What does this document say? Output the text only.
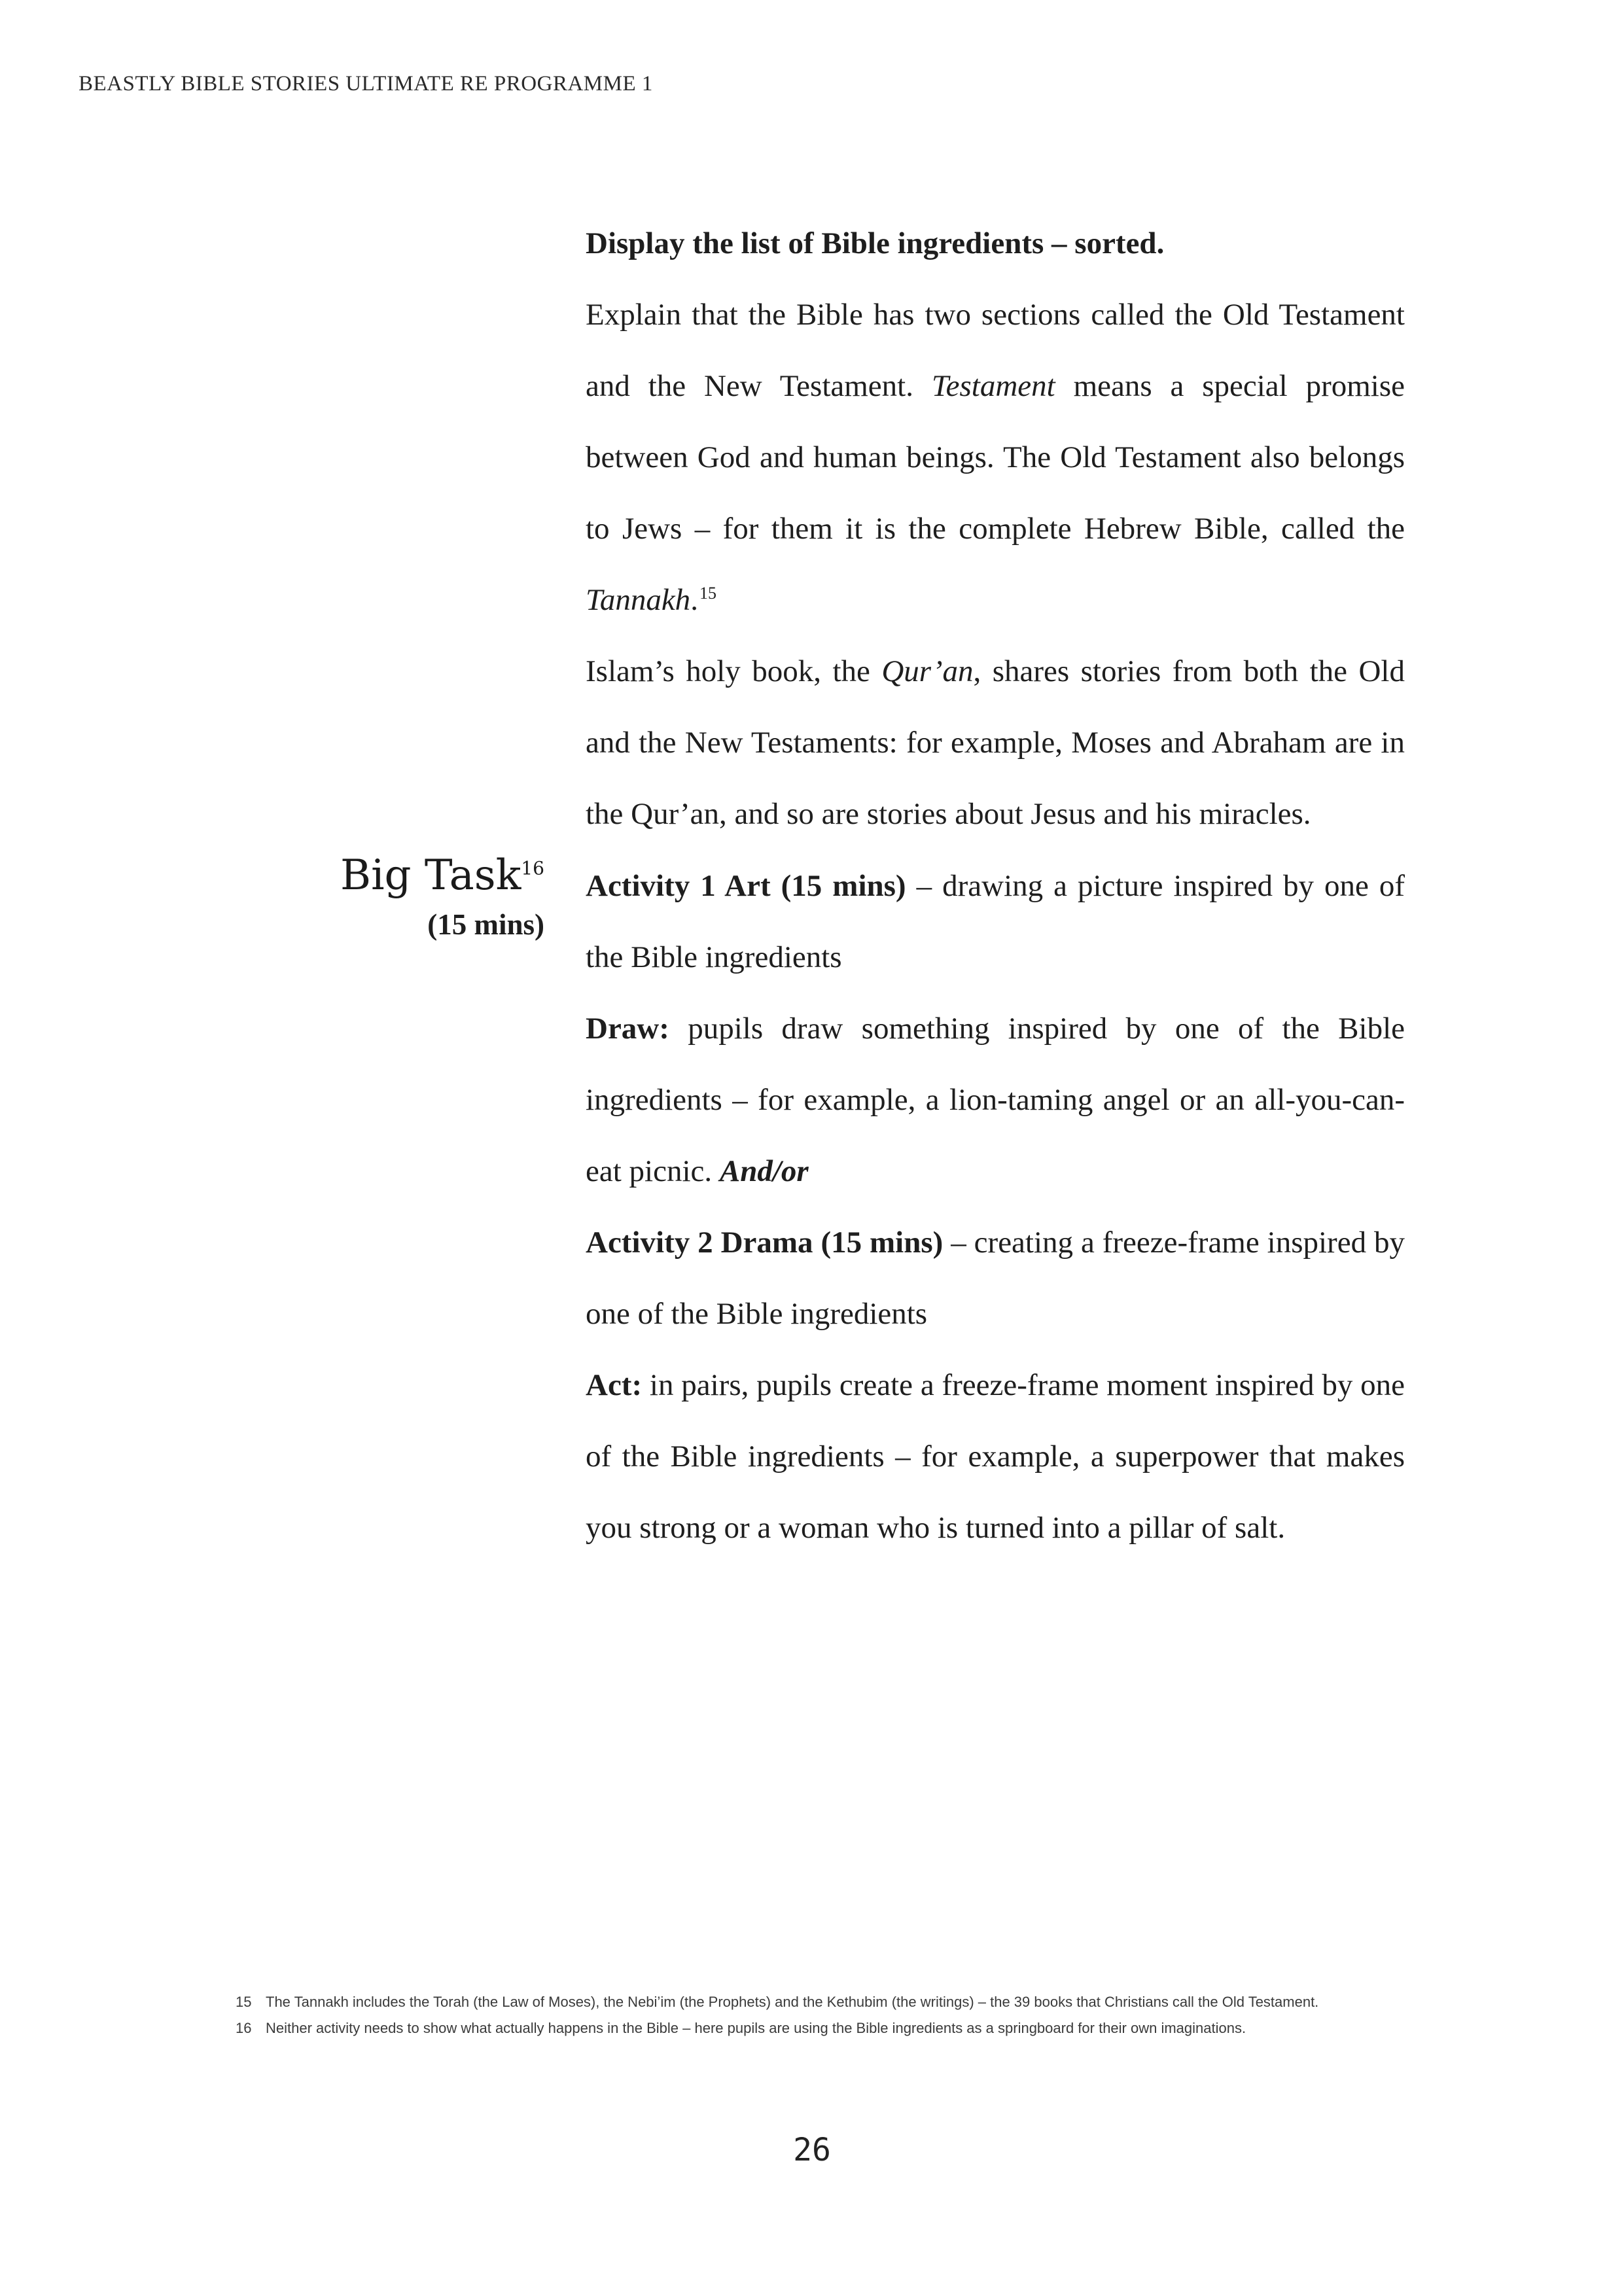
BEASTLY BIBLE STORIES ULTIMATE RE PROGRAMME 1

Display the list of Bible ingredients – sorted.

Explain that the Bible has two sections called the Old Testament and the New Testament. Testament means a special promise between God and human beings. The Old Testament also belongs to Jews – for them it is the complete Hebrew Bible, called the Tannakh.$^{15}$

Islam’s holy book, the Qur’an, shares stories from both the Old and the New Testaments: for example, Moses and Abraham are in the Qur’an, and so are stories about Jesus and his miracles.

Big Task$^{16}$
(15 mins)

Activity 1 Art (15 mins) – drawing a picture inspired by one of the Bible ingredients

Draw: pupils draw something inspired by one of the Bible ingredients – for example, a lion-taming angel or an all-you-can-eat picnic. And/or

Activity 2 Drama (15 mins) – creating a freeze-frame inspired by one of the Bible ingredients

Act: in pairs, pupils create a freeze-frame moment inspired by one of the Bible ingredients – for example, a superpower that makes you strong or a woman who is turned into a pillar of salt.

15 The Tannakh includes the Torah (the Law of Moses), the Nebi’im (the Prophets) and the Kethubim (the writings) – the 39 books that Christians call the Old Testament.
16 Neither activity needs to show what actually happens in the Bible – here pupils are using the Bible ingredients as a springboard for their own imaginations.
26
